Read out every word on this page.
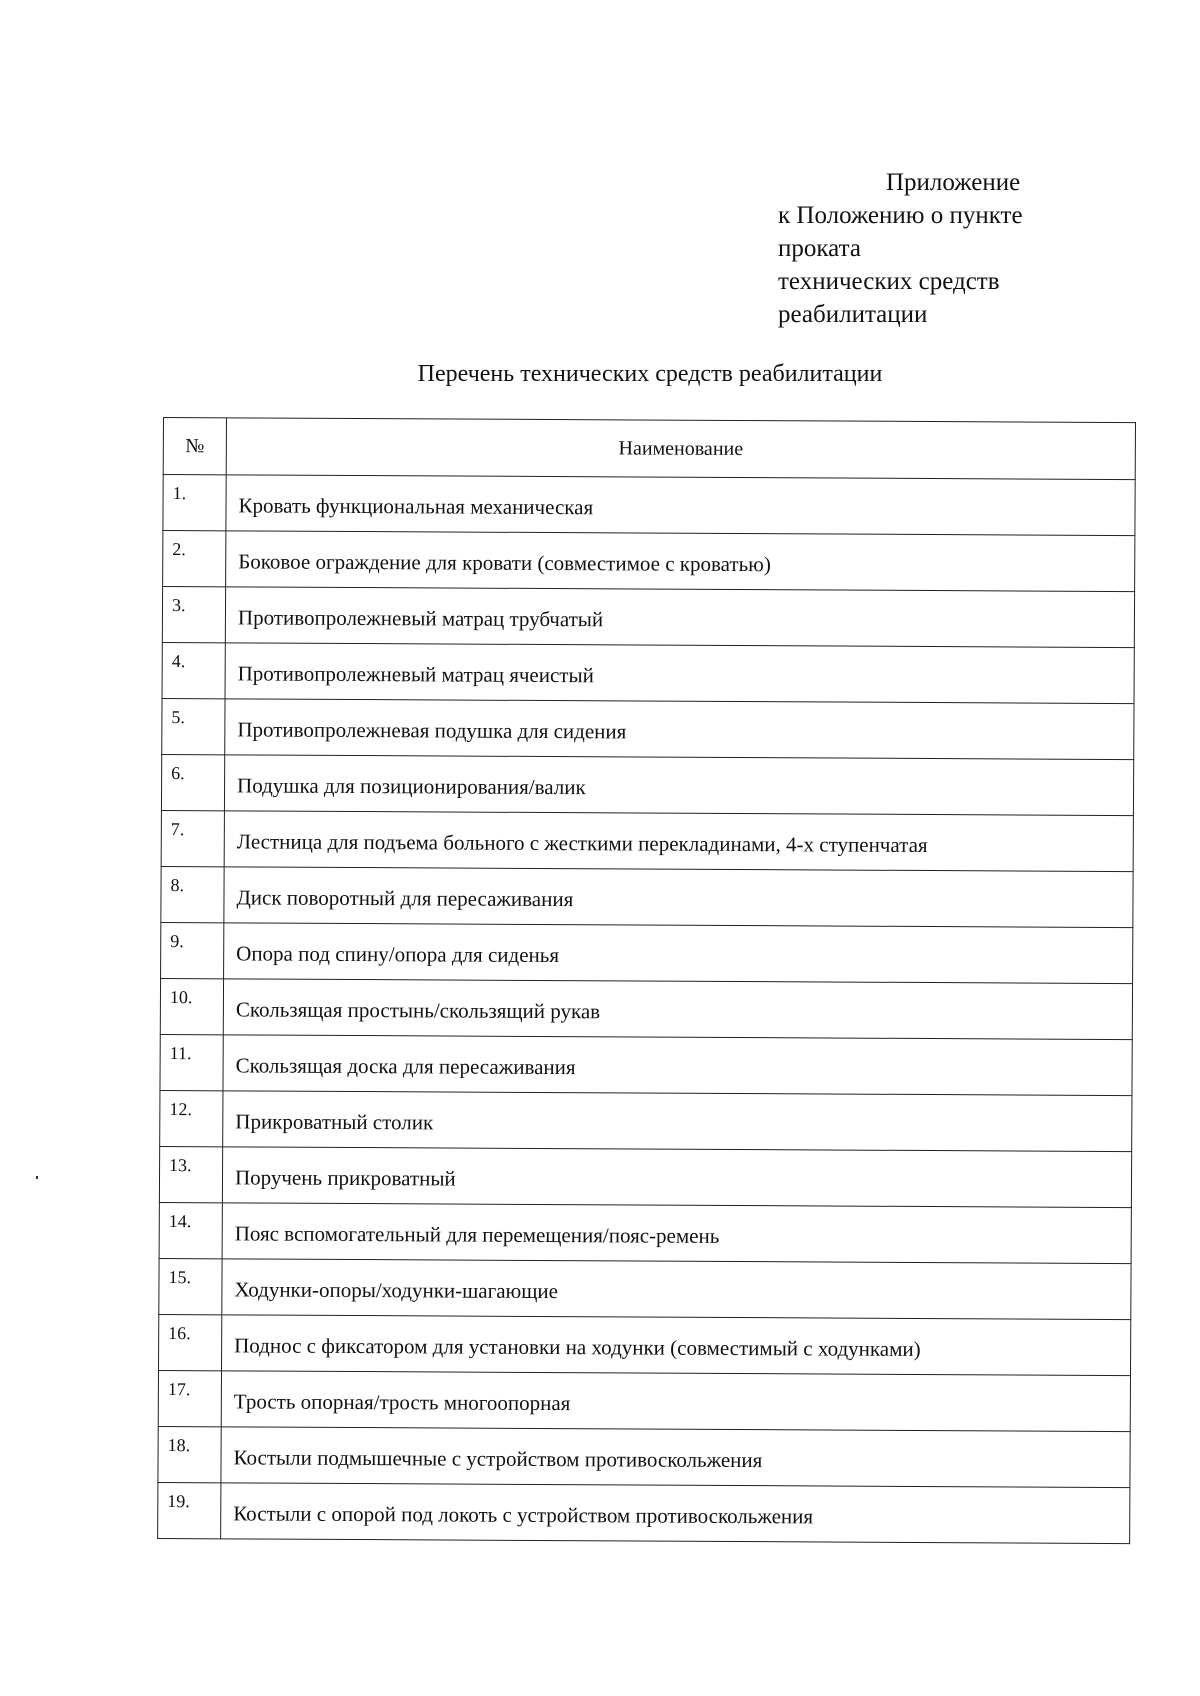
Приложение
к Положению о пункте
проката
технических средств
реабилитации
Перечень технических средств реабилитации
№	Наименование
1.	Кровать функциональная механическая
2.	Боковое ограждение для кровати (совместимое с кроватью)
3.	Противопролежневый матрац трубчатый
4.	Противопролежневый матрац ячеистый
5.	Противопролежневая подушка для сидения
6.	Подушка для позиционирования/валик
7.	Лестница для подъема больного с жесткими перекладинами, 4-х ступенчатая
8.	Диск поворотный для пересаживания
9.	Опора под спину/опора для сиденья
10.	Скользящая простынь/скользящий рукав
11.	Скользящая доска для пересаживания
12.	Прикроватный столик
13.	Поручень прикроватный
14.	Пояс вспомогательный для перемещения/пояс-ремень
15.	Ходунки-опоры/ходунки-шагающие
16.	Поднос с фиксатором для установки на ходунки (совместимый с ходунками)
17.	Трость опорная/трость многоопорная
18.	Костыли подмышечные с устройством противоскольжения
19.	Костыли с опорой под локоть с устройством противоскольжения
